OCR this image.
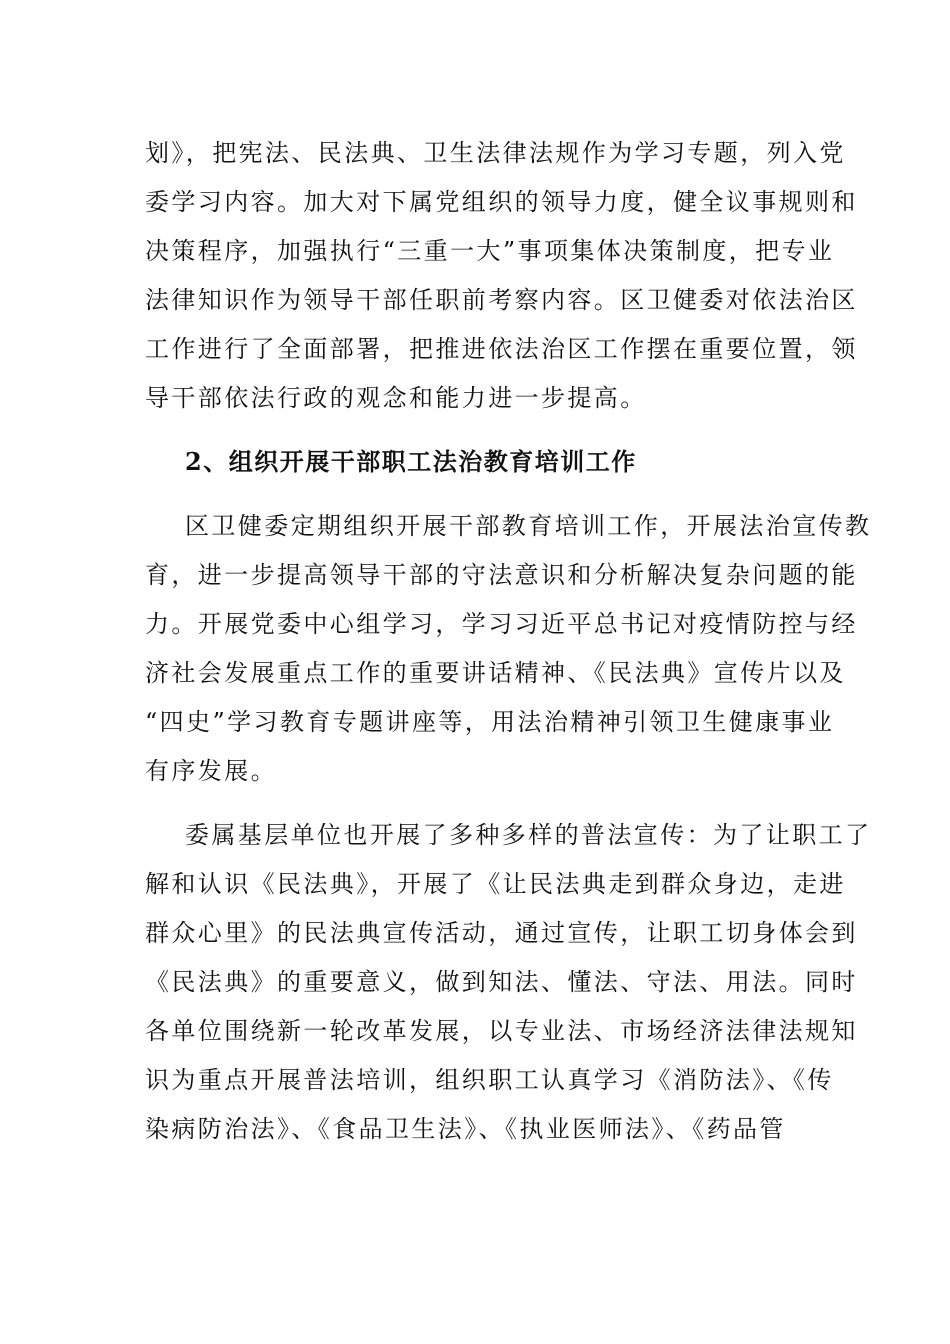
划》，把宪法、民法典、卫生法律法规作为学习专题，列入党
委学习内容。加大对下属党组织的领导力度，健全议事规则和
决策程序，加强执行“三重一大”事项集体决策制度，把专业
法律知识作为领导干部任职前考察内容。区卫健委对依法治区
工作进行了全面部署，把推进依法治区工作摆在重要位置，领
导干部依法行政的观念和能力进一步提高。
2、组织开展干部职工法治教育培训工作
区卫健委定期组织开展干部教育培训工作，开展法治宣传教
育，进一步提高领导干部的守法意识和分析解决复杂问题的能
力。开展党委中心组学习，学习习近平总书记对疫情防控与经
济社会发展重点工作的重要讲话精神、《民法典》宣传片以及
“四史”学习教育专题讲座等，用法治精神引领卫生健康事业
有序发展。
委属基层单位也开展了多种多样的普法宣传：为了让职工了
解和认识《民法典》，开展了《让民法典走到群众身边，走进
群众心里》的民法典宣传活动，通过宣传，让职工切身体会到
《民法典》的重要意义，做到知法、懂法、守法、用法。同时
各单位围绕新一轮改革发展，以专业法、市场经济法律法规知
识为重点开展普法培训，组织职工认真学习《消防法》、《传
染病防治法》、《食品卫生法》、《执业医师法》、《药品管
